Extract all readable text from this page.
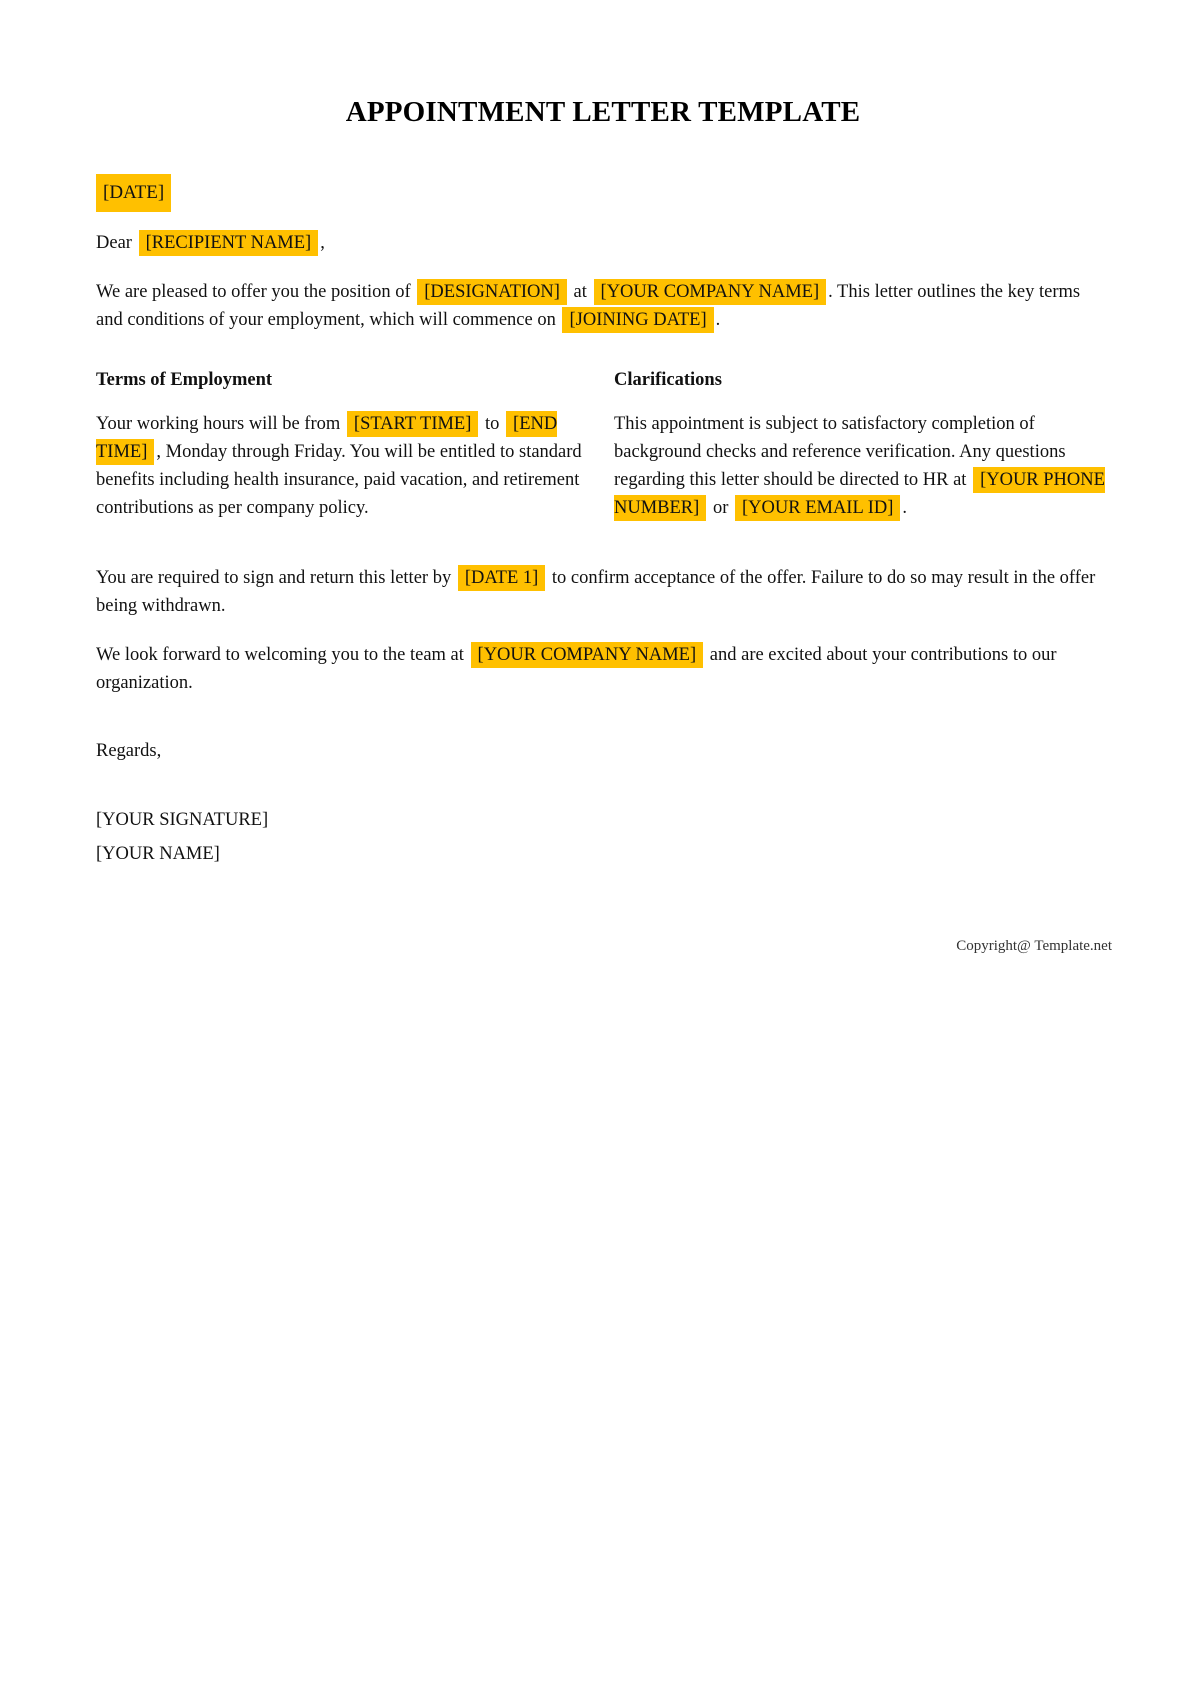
APPOINTMENT LETTER TEMPLATE
[DATE]
Dear [RECIPIENT NAME] ,
We are pleased to offer you the position of [DESIGNATION] at [YOUR COMPANY NAME] . This letter outlines the key terms and conditions of your employment, which will commence on [JOINING DATE] .
Terms of Employment

Your working hours will be from [START TIME] to [END TIME] , Monday through Friday. You will be entitled to standard benefits including health insurance, paid vacation, and retirement contributions as per company policy.

Clarifications

This appointment is subject to satisfactory completion of background checks and reference verification. Any questions regarding this letter should be directed to HR at [YOUR PHONE NUMBER] or [YOUR EMAIL ID] .

You are required to sign and return this letter by [DATE 1] to confirm acceptance of the offer. Failure to do so may result in the offer being withdrawn.
We look forward to welcoming you to the team at [YOUR COMPANY NAME] and are excited about your contributions to our organization.
Regards,
[YOUR SIGNATURE]
[YOUR NAME]
Copyright@ Template.net
